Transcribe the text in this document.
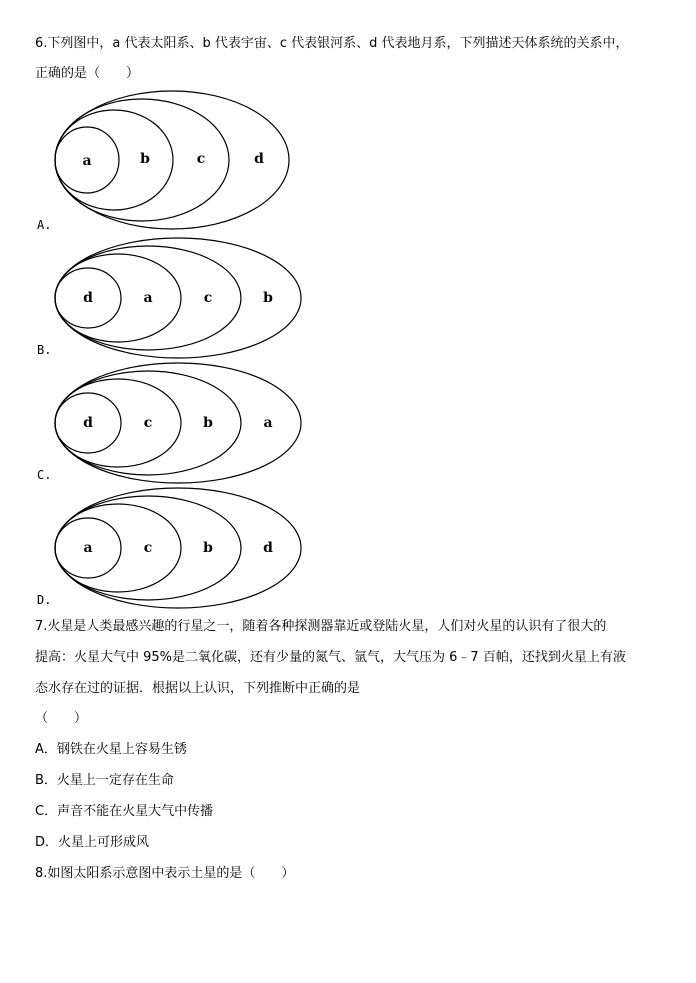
6.下列图中，a 代表太阳系、b 代表宇宙、c 代表银河系、d 代表地月系，下列描述天体系统的关系中，
正确的是（　　）
a	b	c	d
A.
d	a	c	b
B.
d	c	b	a
C.
a	c	b	d
D.
7.火星是人类最感兴趣的行星之一，随着各种探测器靠近或登陆火星，人们对火星的认识有了很大的
提高：火星大气中 95%是二氧化碳，还有少量的氮气、氩气，大气压为 6﹣7 百帕，还找到火星上有液
态水存在过的证据．根据以上认识，下列推断中正确的是
（　　）
A．钢铁在火星上容易生锈
B．火星上一定存在生命
C．声音不能在火星大气中传播
D．火星上可形成风
8.如图太阳系示意图中表示土星的是（　　）
